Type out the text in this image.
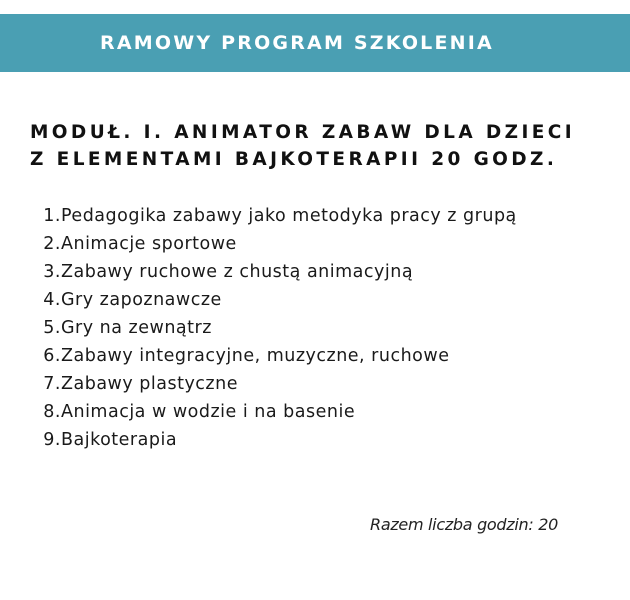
RAMOWY PROGRAM SZKOLENIA
MODUŁ. I. ANIMATOR ZABAW DLA DZIECI
Z ELEMENTAMI BAJKOTERAPII 20 GODZ.
1. Pedagogika zabawy jako metodyka pracy z grupą
2. Animacje sportowe
3. Zabawy ruchowe z chustą animacyjną
4. Gry zapoznawcze
5. Gry na zewnątrz
6. Zabawy integracyjne, muzyczne, ruchowe
7. Zabawy plastyczne
8. Animacja w wodzie i na basenie
9. Bajkoterapia

Razem liczba godzin: 20
